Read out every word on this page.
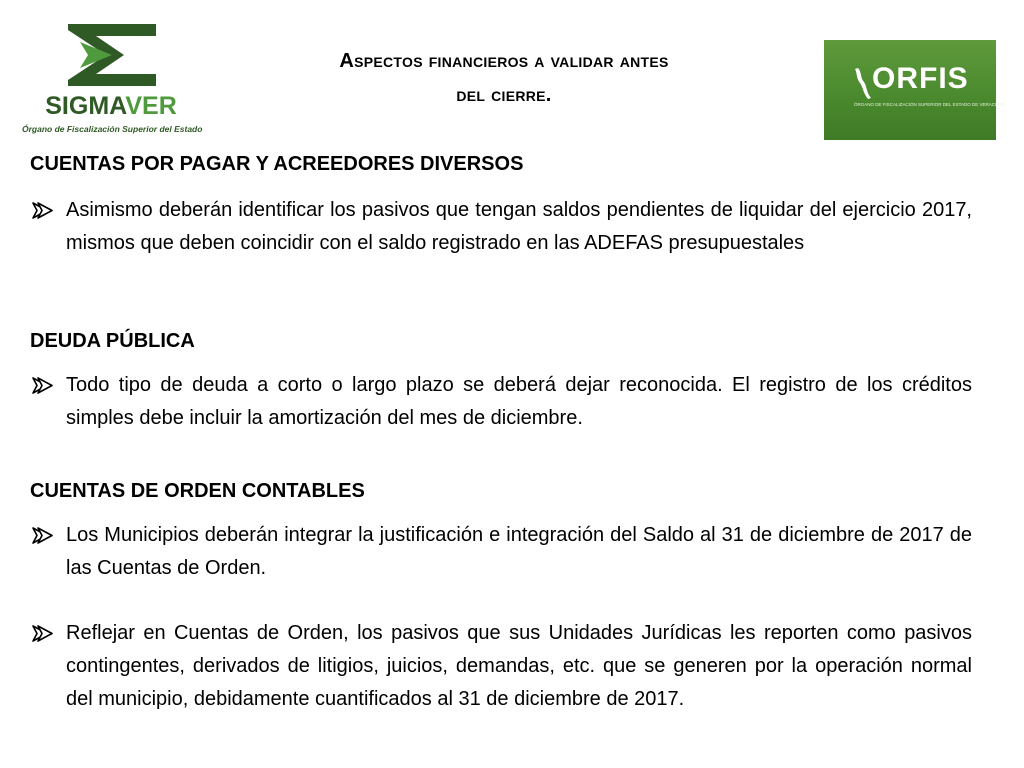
SIGMAVER
Órgano de Fiscalización Superior del Estado
Aspectos financieros a validar antes
del cierre.	ORFIS
ÓRGANO DE FISCALIZACIÓN SUPERIOR DEL ESTADO DE VERACRUZ
CUENTAS POR PAGAR Y ACREEDORES DIVERSOS
Asimismo deberán identificar los pasivos que tengan saldos pendientes de liquidar del ejercicio 2017, mismos que deben coincidir con el saldo registrado en las ADEFAS presupuestales
DEUDA PÚBLICA
Todo tipo de deuda a corto o largo plazo se deberá dejar reconocida. El registro de los créditos simples debe incluir la amortización del mes de diciembre.
CUENTAS DE ORDEN CONTABLES
Los Municipios deberán integrar la justificación e integración del Saldo al 31 de diciembre de 2017 de las Cuentas de Orden.
Reflejar en Cuentas de Orden, los pasivos que sus Unidades Jurídicas les reporten como pasivos contingentes, derivados de litigios, juicios, demandas, etc. que se generen por la operación normal del municipio, debidamente cuantificados al 31 de diciembre de 2017.
